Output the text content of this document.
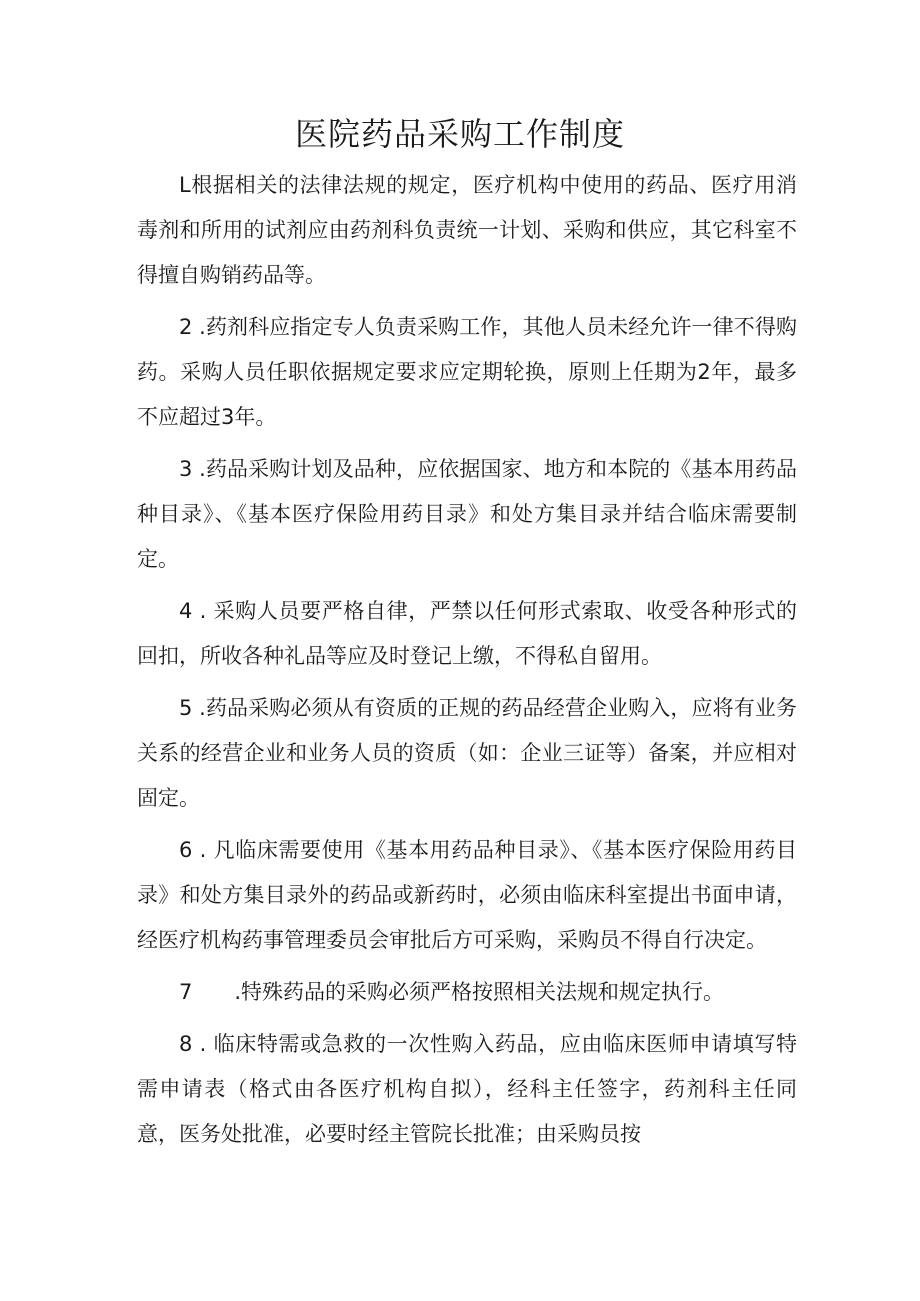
医院药品采购工作制度

L根据相关的法律法规的规定，医疗机构中使用的药品、医疗用消毒剂和所用的试剂应由药剂科负责统一计划、采购和供应，其它科室不得擅自购销药品等。

2 .药剂科应指定专人负责采购工作，其他人员未经允许一律不得购药。采购人员任职依据规定要求应定期轮换，原则上任期为2年，最多不应超过3年。

3 .药品采购计划及品种，应依据国家、地方和本院的《基本用药品种目录》、《基本医疗保险用药目录》和处方集目录并结合临床需要制定。

4 . 采购人员要严格自律，严禁以任何形式索取、收受各种形式的回扣，所收各种礼品等应及时登记上缴，不得私自留用。

5 .药品采购必须从有资质的正规的药品经营企业购入，应将有业务关系的经营企业和业务人员的资质（如：企业三证等）备案，并应相对固定。

6 . 凡临床需要使用《基本用药品种目录》、《基本医疗保险用药目录》和处方集目录外的药品或新药时，必须由临床科室提出书面申请，经医疗机构药事管理委员会审批后方可采购，采购员不得自行决定。

7　　.特殊药品的采购必须严格按照相关法规和规定执行。

8 . 临床特需或急救的一次性购入药品，应由临床医师申请填写特需申请表（格式由各医疗机构自拟），经科主任签字，药剂科主任同意，医务处批准，必要时经主管院长批准；由采购员按
